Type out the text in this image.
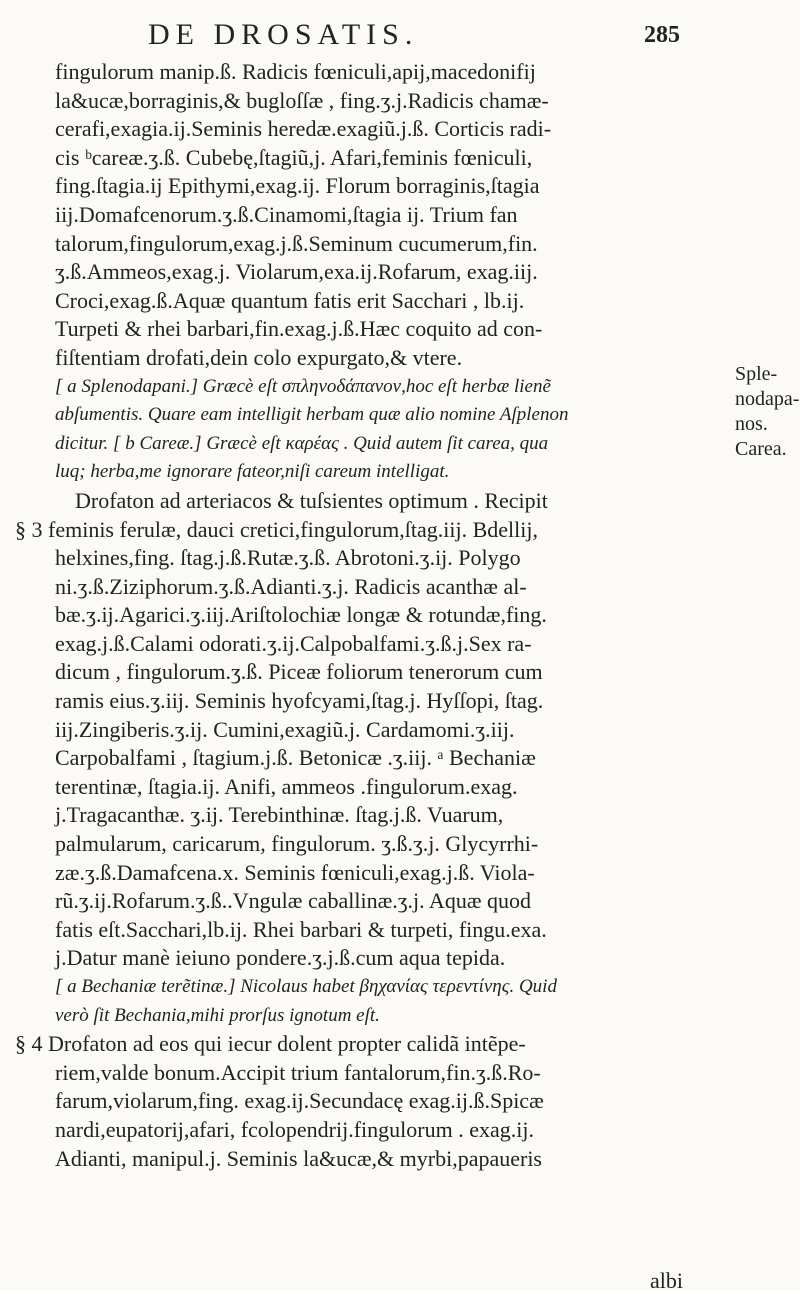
DE DROSATIS.	285
fingulorum manip.ß. Radicis fœniculi,apij,macedonifij
la&ucæ,borraginis,& bugloſſæ , fing.ʒ.j.Radicis chamæ-
cerafi,exagia.ij.Seminis heredæ.exagiũ.j.ß. Corticis radi-
cis ᵇcareæ.ʒ.ß. Cubebę,ſtagiũ,j. Afari,feminis fœniculi,
fing.ſtagia.ij Epithymi,exag.ij. Florum borraginis,ſtagia
iij.Domafcenorum.ʒ.ß.Cinamomi,ſtagia ij. Trium fan
talorum,fingulorum,exag.j.ß.Seminum cucumerum,fin.
ʒ.ß.Ammeos,exag.j. Violarum,exa.ij.Rofarum, exag.iij.
Croci,exag.ß.Aquæ quantum fatis erit Sacchari , lb.ij.
Turpeti & rhei barbari,fin.exag.j.ß.Hæc coquito ad con-
fiſtentiam drofati,dein colo expurgato,& vtere.
[ a Splenodapani.] Græcè eſt σπληνοδάπανον,hoc eſt herbæ lienẽ
abſumentis. Quare eam intelligit herbam quæ alio nomine Aſplenon
dicitur. [ b Careæ.] Græcè eſt καρέας . Quid autem ſit carea, qua
luq; herba,me ignorare fateor,niſi careum intelligat.
Drofaton ad arteriacos & tuſsientes optimum . Recipit
§ 3 feminis ferulæ, dauci cretici,fingulorum,ſtag.iij. Bdellij,
helxines,fing. ſtag.j.ß.Rutæ.ʒ.ß. Abrotoni.ʒ.ij. Polygo
ni.ʒ.ß.Ziziphorum.ʒ.ß.Adianti.ʒ.j. Radicis acanthæ al-
bæ.ʒ.ij.Agarici.ʒ.iij.Ariſtolochiæ longæ & rotundæ,fing.
exag.j.ß.Calami odorati.ʒ.ij.Calpobalfami.ʒ.ß.j.Sex ra-
dicum , fingulorum.ʒ.ß. Piceæ foliorum tenerorum cum
ramis eius.ʒ.iij. Seminis hyofcyami,ſtag.j. Hyſſopi, ſtag.
iij.Zingiberis.ʒ.ij. Cumini,exagiũ.j. Cardamomi.ʒ.iij.
Carpobalfami , ſtagium.j.ß. Betonicæ .ʒ.iij. ᵃ Bechaniæ
terentinæ, ſtagia.ij. Anifi, ammeos .fingulorum.exag.
j.Tragacanthæ. ʒ.ij. Terebinthinæ. ſtag.j.ß. Vuarum,
palmularum, caricarum, fingulorum. ʒ.ß.ʒ.j. Glycyrrhi-
zæ.ʒ.ß.Damafcena.x. Seminis fœniculi,exag.j.ß. Viola-
rũ.ʒ.ij.Rofarum.ʒ.ß..Vngulæ caballinæ.ʒ.j. Aquæ quod
fatis eſt.Sacchari,lb.ij. Rhei barbari & turpeti, fingu.exa.
j.Datur manè ieiuno pondere.ʒ.j.ß.cum aqua tepida.
[ a Bechaniæ terẽtinæ.] Nicolaus habet βηχανίας τερεντίνης. Quid
verò ſit Bechania,mihi prorſus ignotum eſt.
§ 4 Drofaton ad eos qui iecur dolent propter calidã intẽpe-
riem,valde bonum.Accipit trium fantalorum,fin.ʒ.ß.Ro-
farum,violarum,fing. exag.ij.Secundacę exag.ij.ß.Spicæ
nardi,eupatorij,afari, fcolopendrij.fingulorum . exag.ij.
Adianti, manipul.j. Seminis la&ucæ,& myrbi,papaueris
Sple-
nodapa-
nos.
Carea.
albi
